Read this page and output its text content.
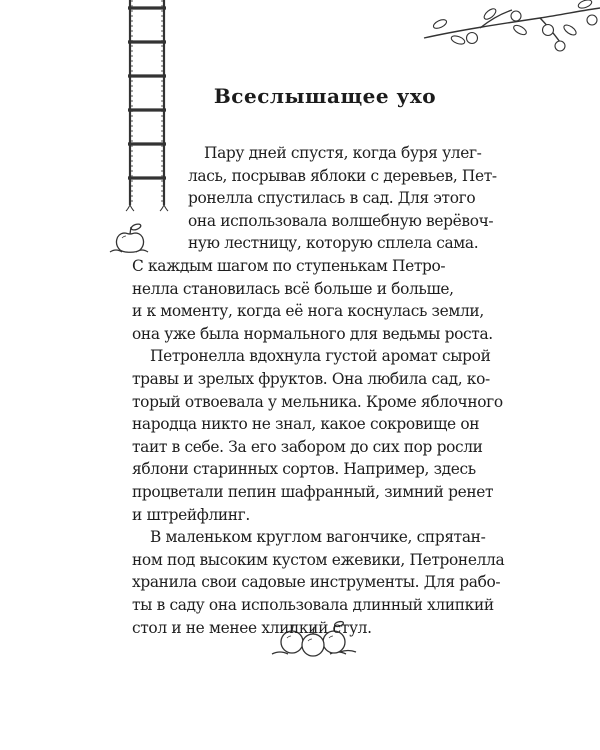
Всеслышащее ухо
Пару дней спустя, когда буря улег-
лась, посрывав яблоки с деревьев, Пет-
ронелла спустилась в сад. Для этого
она использовала волшебную верёвоч-
ную лестницу, которую сплела сама.
С каждым шагом по ступенькам Петро-
нелла становилась всё больше и больше,
и к моменту, когда её нога коснулась земли,
она уже была нормального для ведьмы роста.
Петронелла вдохнула густой аромат сырой
травы и зрелых фруктов. Она любила сад, ко-
торый отвоевала у мельника. Кроме яблочного
народца никто не знал, какое сокровище он
таит в себе. За его забором до сих пор росли
яблони старинных сортов. Например, здесь
процветали пепин шафранный, зимний ренет
и штрейфлинг.
В маленьком круглом вагончике, спрятан-
ном под высоким кустом ежевики, Петронелла
хранила свои садовые инструменты. Для рабо-
ты в саду она использовала длинный хлипкий
стол и не менее хлипкий стул.
